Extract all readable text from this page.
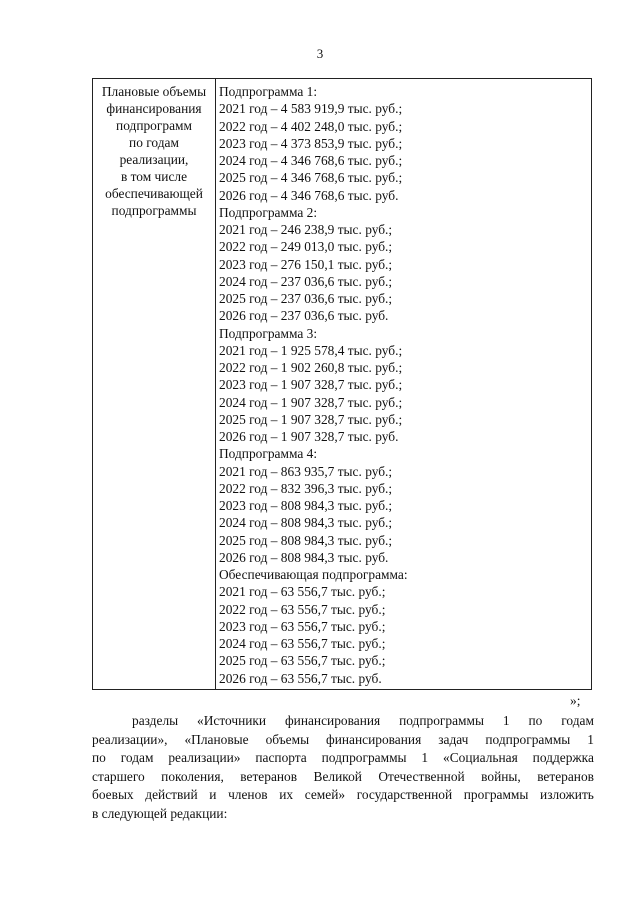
3
Плановые объемы
финансирования
подпрограмм
по годам
реализации,
в том числе
обеспечивающей
подпрограммы
Подпрограмма 1:
2021 год – 4 583 919,9 тыс. руб.;
2022 год – 4 402 248,0 тыс. руб.;
2023 год – 4 373 853,9 тыс. руб.;
2024 год – 4 346 768,6 тыс. руб.;
2025 год – 4 346 768,6 тыс. руб.;
2026 год – 4 346 768,6 тыс. руб.
Подпрограмма 2:
2021 год – 246 238,9 тыс. руб.;
2022 год – 249 013,0 тыс. руб.;
2023 год – 276 150,1 тыс. руб.;
2024 год – 237 036,6 тыс. руб.;
2025 год – 237 036,6 тыс. руб.;
2026 год – 237 036,6 тыс. руб.
Подпрограмма 3:
2021 год – 1 925 578,4 тыс. руб.;
2022 год – 1 902 260,8 тыс. руб.;
2023 год – 1 907 328,7 тыс. руб.;
2024 год – 1 907 328,7 тыс. руб.;
2025 год – 1 907 328,7 тыс. руб.;
2026 год – 1 907 328,7 тыс. руб.
Подпрограмма 4:
2021 год – 863 935,7 тыс. руб.;
2022 год – 832 396,3 тыс. руб.;
2023 год – 808 984,3 тыс. руб.;
2024 год – 808 984,3 тыс. руб.;
2025 год – 808 984,3 тыс. руб.;
2026 год – 808 984,3 тыс. руб.
Обеспечивающая подпрограмма:
2021 год – 63 556,7 тыс. руб.;
2022 год – 63 556,7 тыс. руб.;
2023 год – 63 556,7 тыс. руб.;
2024 год – 63 556,7 тыс. руб.;
2025 год – 63 556,7 тыс. руб.;
2026 год – 63 556,7 тыс. руб.
»;
разделы «Источники финансирования подпрограммы 1 по годам
реализации», «Плановые объемы финансирования задач подпрограммы 1
по годам реализации» паспорта подпрограммы 1 «Социальная поддержка
старшего поколения, ветеранов Великой Отечественной войны, ветеранов
боевых действий и членов их семей» государственной программы изложить
в следующей редакции:
